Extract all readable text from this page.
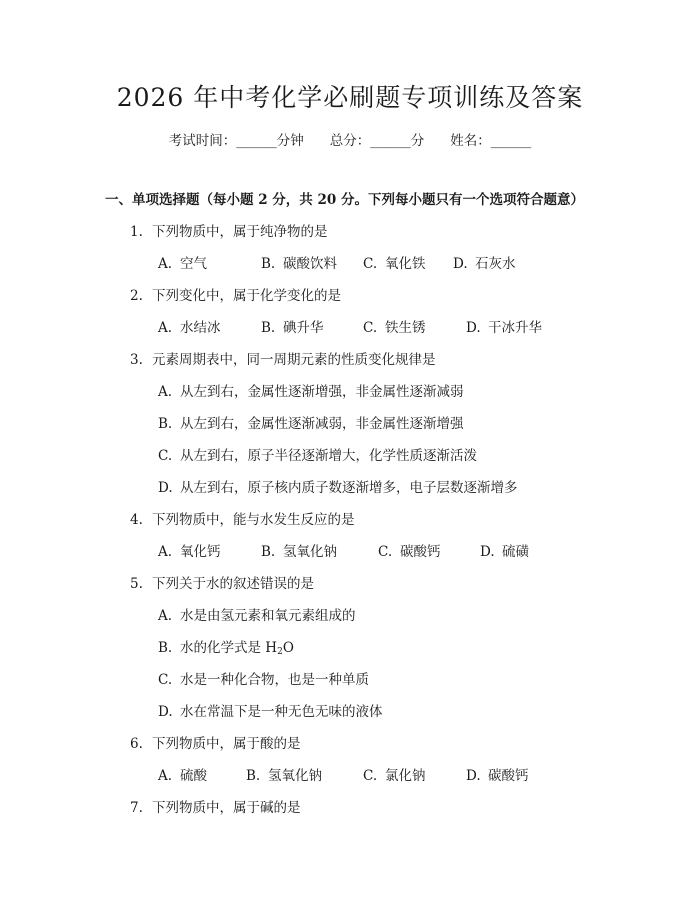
2026 年中考化学必刷题专项训练及答案
考试时间：______分钟 总分：______分 姓名：______
一、单项选择题（每小题 2 分，共 20 分。下列每小题只有一个选项符合题意）
1. 下列物质中，属于纯净物的是
A. 空气	B. 碳酸饮料 C. 氧化铁 D. 石灰水
2. 下列变化中，属于化学变化的是
A. 水结冰	B. 碘升华	C. 铁生锈	D. 干冰升华
3. 元素周期表中，同一周期元素的性质变化规律是
A. 从左到右，金属性逐渐增强，非金属性逐渐减弱
B. 从左到右，金属性逐渐减弱，非金属性逐渐增强
C. 从左到右，原子半径逐渐增大，化学性质逐渐活泼
D. 从左到右，原子核内质子数逐渐增多，电子层数逐渐增多
4. 下列物质中，能与水发生反应的是
A. 氧化钙	B. 氢氧化钠	C. 碳酸钙	D. 硫磺
5. 下列关于水的叙述错误的是
A. 水是由氢元素和氧元素组成的
B. 水的化学式是 $H_2O$
C. 水是一种化合物，也是一种单质
D. 水在常温下是一种无色无味的液体
6. 下列物质中，属于酸的是
A. 硫酸	B. 氢氧化钠	C. 氯化钠	D. 碳酸钙
7. 下列物质中，属于碱的是
